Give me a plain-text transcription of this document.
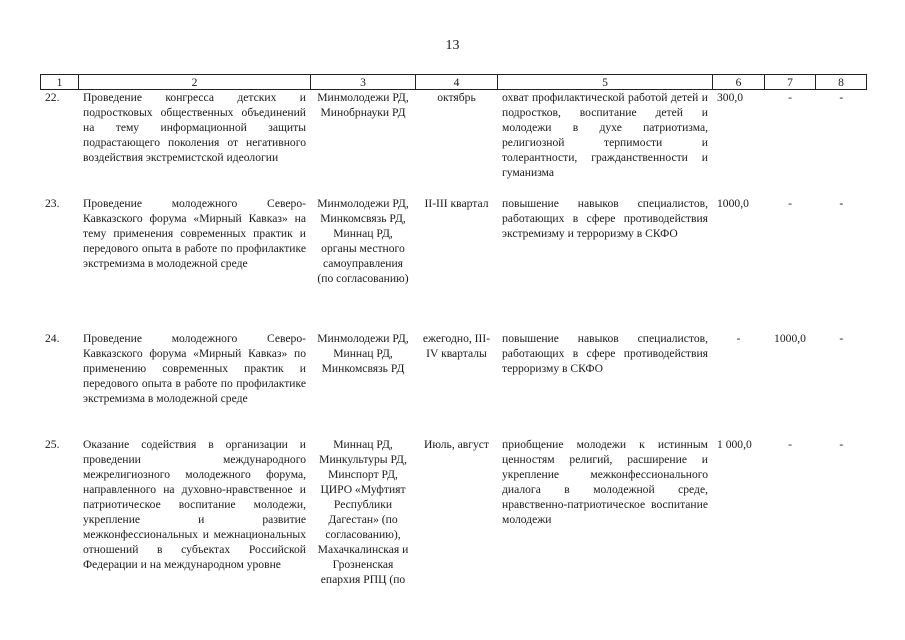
13
1	2	3	4	5	6	7	8
22.	Проведение конгресса детских и подростковых общественных объединений на тему информационной защиты подрастающего поколения от негативного воздействия экстремистской идеологии	Минмолодежи РД, Минобрнауки РД	октябрь	охват профилактической работой детей и подростков, воспитание детей и молодежи в духе патриотизма, религиозной терпимости и толерантности, гражданственности и гуманизма	300,0	-	-
23.	Проведение молодежного Северо-Кавказского форума «Мирный Кавказ» на тему применения современных практик и передового опыта в работе по профилактике экстремизма в молодежной среде	Минмолодежи РД, Минкомсвязь РД, Миннац РД, органы местного самоуправления (по согласованию)	II-III квартал	повышение навыков специалистов, работающих в сфере противодействия экстремизму и терроризму в СКФО	1000,0	-	-
24.	Проведение молодежного Северо-Кавказского форума «Мирный Кавказ» по применению современных практик и передового опыта в работе по профилактике экстремизма в молодежной среде	Минмолодежи РД, Миннац РД, Минкомсвязь РД	ежегодно, III-IV кварталы	повышение навыков специалистов, работающих в сфере противодействия терроризму в СКФО	-	1000,0	-
25.	Оказание содействия в организации и проведении международного межрелигиозного молодежного форума, направленного на духовно-нравственное и патриотическое воспитание молодежи, укрепление и развитие межконфессиональных и межнациональных отношений в субъектах Российской Федерации и на международном уровне	Миннац РД, Минкультуры РД, Минспорт РД, ЦИРО «Муфтият Республики Дагестан» (по согласованию), Махачкалинская и Грозненская епархия РПЦ (по	Июль, август	приобщение молодежи к истинным ценностям религий, расширение и укрепление межконфессионального диалога в молодежной среде, нравственно-патриотическое воспитание молодежи	1 000,0	-	-
